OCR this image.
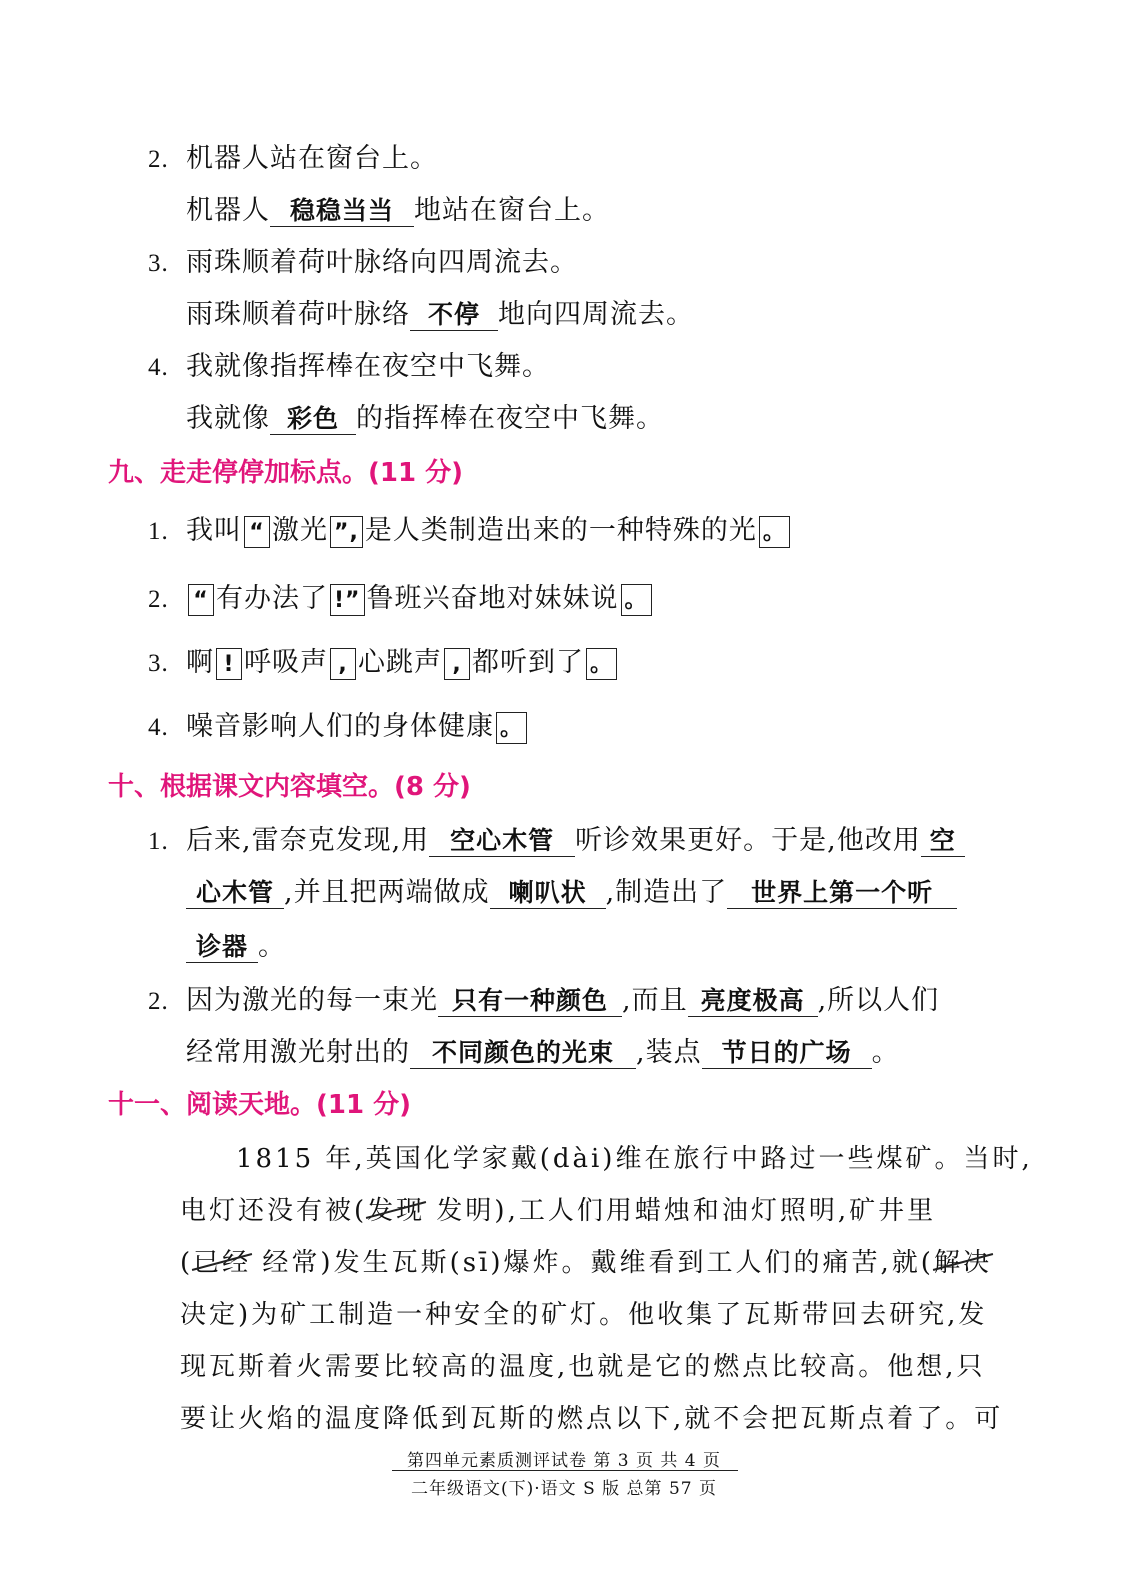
2. 机器人站在窗台上。
机器人 稳稳当当 地站在窗台上。
3. 雨珠顺着荷叶脉络向四周流去。
雨珠顺着荷叶脉络 不停 地向四周流去。
4. 我就像指挥棒在夜空中飞舞。
我就像 彩色 的指挥棒在夜空中飞舞。
九、走走停停加标点。(11 分)
1. 我叫 “ 激光 ”, 是人类制造出来的一种特殊的光 。
2. “ 有办法了 !” 鲁班兴奋地对妹妹说 。
3. 啊 ! 呼吸声 , 心跳声 , 都听到了 。
4. 噪音影响人们的身体健康 。
十、根据课文内容填空。(8 分)
1. 后来,雷奈克发现,用 空心木管 听诊效果更好。于是,他改用 空
心木管 ,并且把两端做成 喇叭状 ,制造出了 世界上第一个听
诊器 。
2. 因为激光的每一束光 只有一种颜色 ,而且 亮度极高 ,所以人们
经常用激光射出的 不同颜色的光束 ,装点 节日的广场 。
十一、阅读天地。(11 分)
1815 年,英国化学家戴(dài)维在旅行中路过一些煤矿。当时,
电灯还没有被(发现 发明),工人们用蜡烛和油灯照明,矿井里
(已经 经常)发生瓦斯(sī)爆炸。戴维看到工人们的痛苦,就(解决
决定)为矿工制造一种安全的矿灯。他收集了瓦斯带回去研究,发
现瓦斯着火需要比较高的温度,也就是它的燃点比较高。他想,只
要让火焰的温度降低到瓦斯的燃点以下,就不会把瓦斯点着了。可
第四单元素质测评试卷 第 3 页 共 4 页
二年级语文(下)·语文 S 版 总第 57 页
